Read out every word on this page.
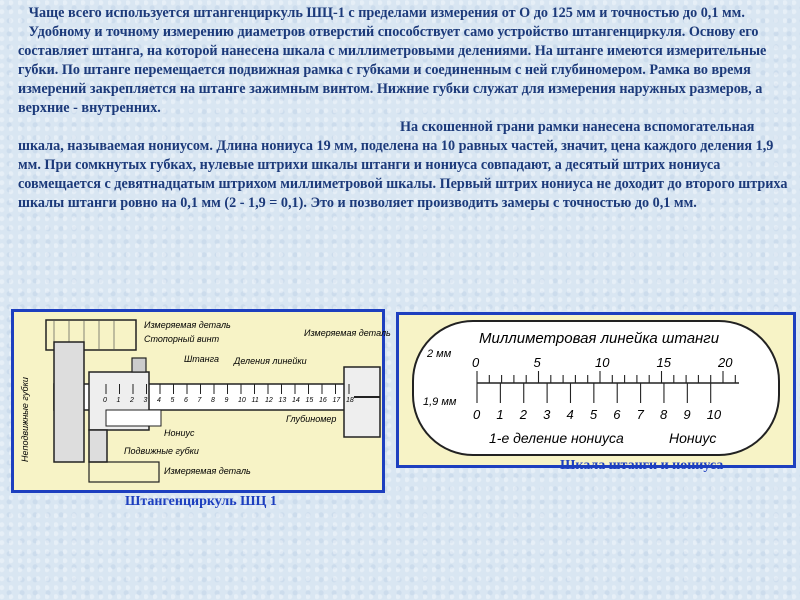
Чаще всего используется штангенциркуль ШЦ-1 с пределами измерения от О до 125 мм и точностью до 0,1 мм.

Удобному и точному измерению диаметров отверстий способствует само устройство штангенциркуля. Основу его составляет штанга, на которой нанесена шкала с миллиметровыми делениями. На штанге имеются измерительные губки. По штанге перемещается подвижная рамка с губками и соединенным с ней глубиномером. Рамка во время измерений закрепляется на штанге зажимным винтом. Нижние губки служат для измерения наружных размеров, а верхние - внутренних.

На скошенной грани рамки нанесена вспомогательная шкала, называемая нониусом. Длина нониуса 19 мм, поделена на 10 равных частей, значит, цена каждого деления 1,9 мм. При сомкнутых губках, нулевые штрихи шкалы штанги и нониуса совпадают, а десятый штрих нониуса совмещается с девятнадцатым штрихом миллиметровой шкалы. Первый штрих нониуса не доходит до второго штриха шкалы штанги ровно на 0,1 мм (2 - 1,9 = 0,1). Это и позволяет производить замеры с точностью до 0,1 мм.

0 1 2 3 4 5 6 7 8 9 10 11 12 13 14 15 16 17 18
Измеряемая деталь
Стопорный винт
Штанга Деления линейки
Измеряемая деталь
Глубиномер
Нониус
Подвижные губки
Измеряемая деталь
Неподвижные губки
Штангенциркуль ШЦ 1
Миллиметровая линейка штанги
2 мм
1,9 мм
0	5	10	15	20
0 1 2 3 4 5 6 7 8 9 10
1-е деление нониуса	Нониус
Шкала штанги и нониуса
